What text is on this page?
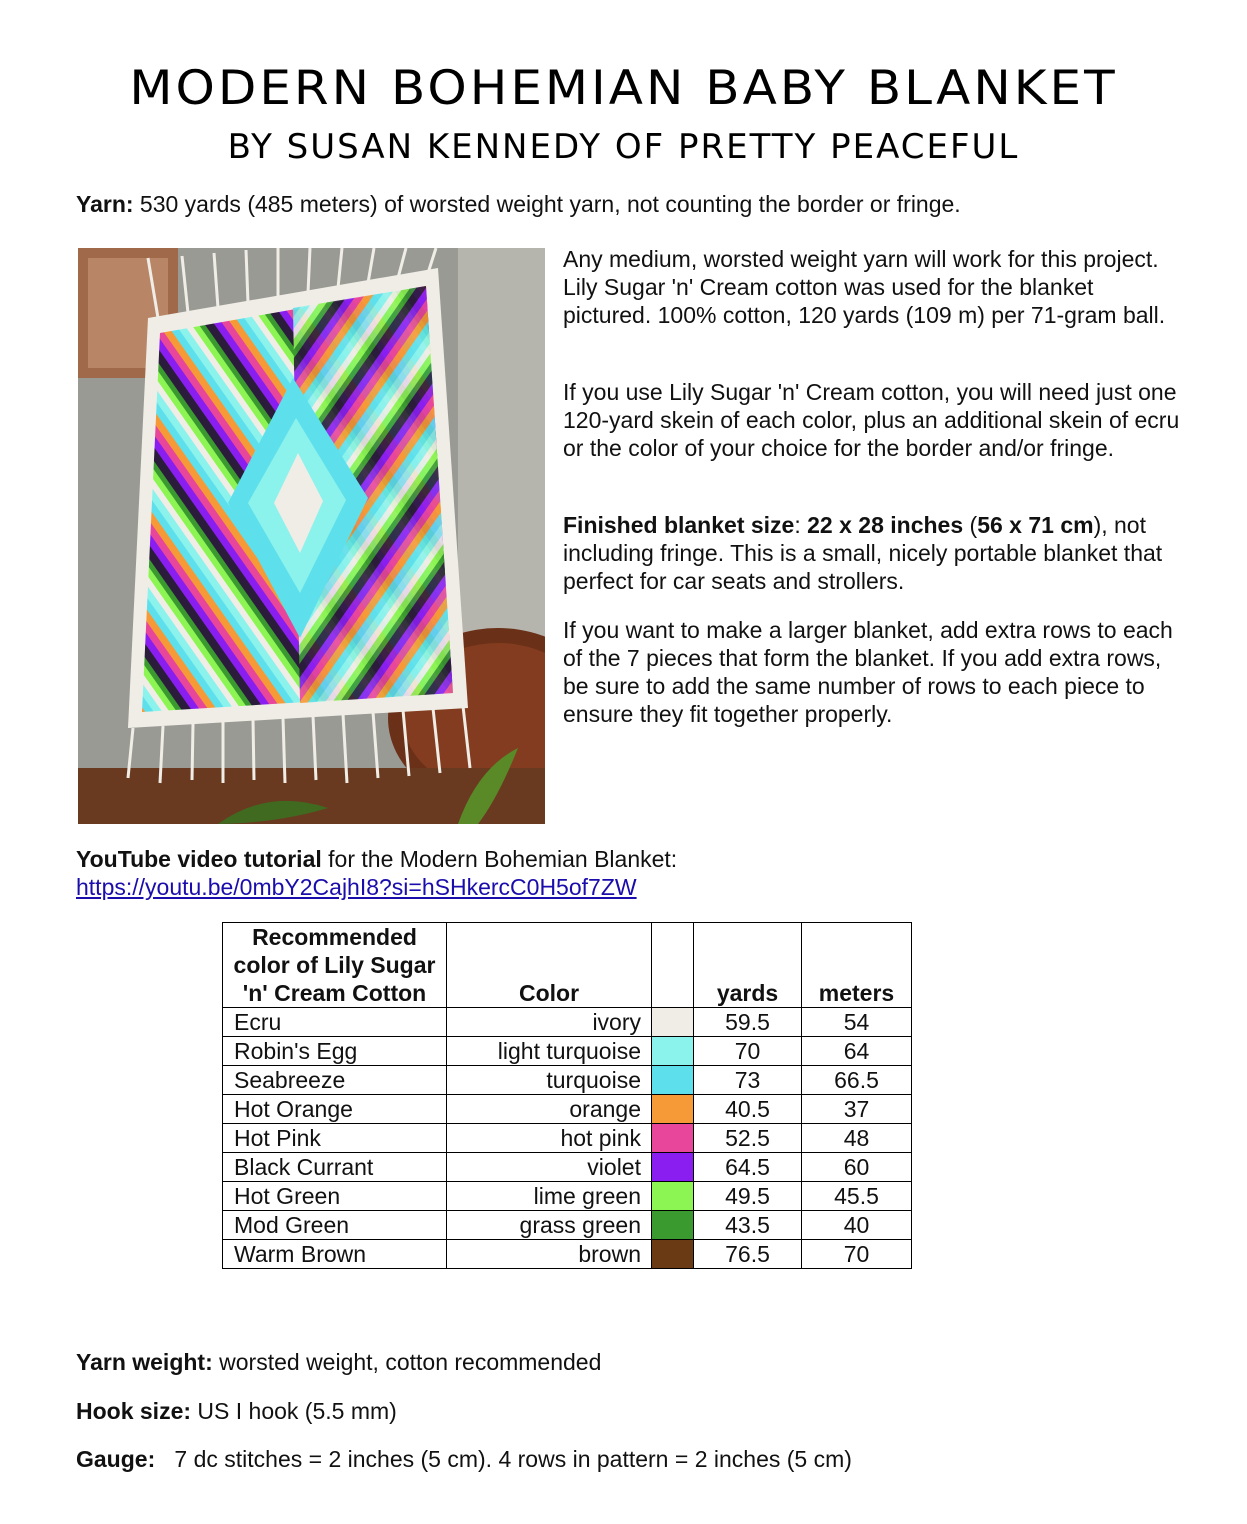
MODERN BOHEMIAN BABY BLANKET
BY SUSAN KENNEDY OF PRETTY PEACEFUL
Yarn: 530 yards (485 meters) of worsted weight yarn, not counting the border or fringe.
Any medium, worsted weight yarn will work for this project. Lily Sugar 'n' Cream cotton was used for the blanket pictured. 100% cotton, 120 yards (109 m) per 71-gram ball.
If you use Lily Sugar 'n' Cream cotton, you will need just one 120-yard skein of each color, plus an additional skein of ecru or the color of your choice for the border and/or fringe.
Finished blanket size: 22 x 28 inches (56 x 71 cm), not including fringe. This is a small, nicely portable blanket that perfect for car seats and strollers.
If you want to make a larger blanket, add extra rows to each of the 7 pieces that form the blanket. If you add extra rows, be sure to add the same number of rows to each piece to ensure they fit together properly.
YouTube video tutorial for the Modern Bohemian Blanket:
https://youtu.be/0mbY2CajhI8?si=hSHkercC0H5of7ZW
Recommended color of Lily Sugar 'n' Cream Cotton	Color		yards	meters
Ecru	ivory		59.5	54
Robin's Egg	light turquoise		70	64
Seabreeze	turquoise		73	66.5
Hot Orange	orange		40.5	37
Hot Pink	hot pink		52.5	48
Black Currant	violet		64.5	60
Hot Green	lime green		49.5	45.5
Mod Green	grass green		43.5	40
Warm Brown	brown		76.5	70
Yarn weight: worsted weight, cotton recommended
Hook size: US I hook (5.5 mm)
Gauge:   7 dc stitches = 2 inches (5 cm). 4 rows in pattern = 2 inches (5 cm)
